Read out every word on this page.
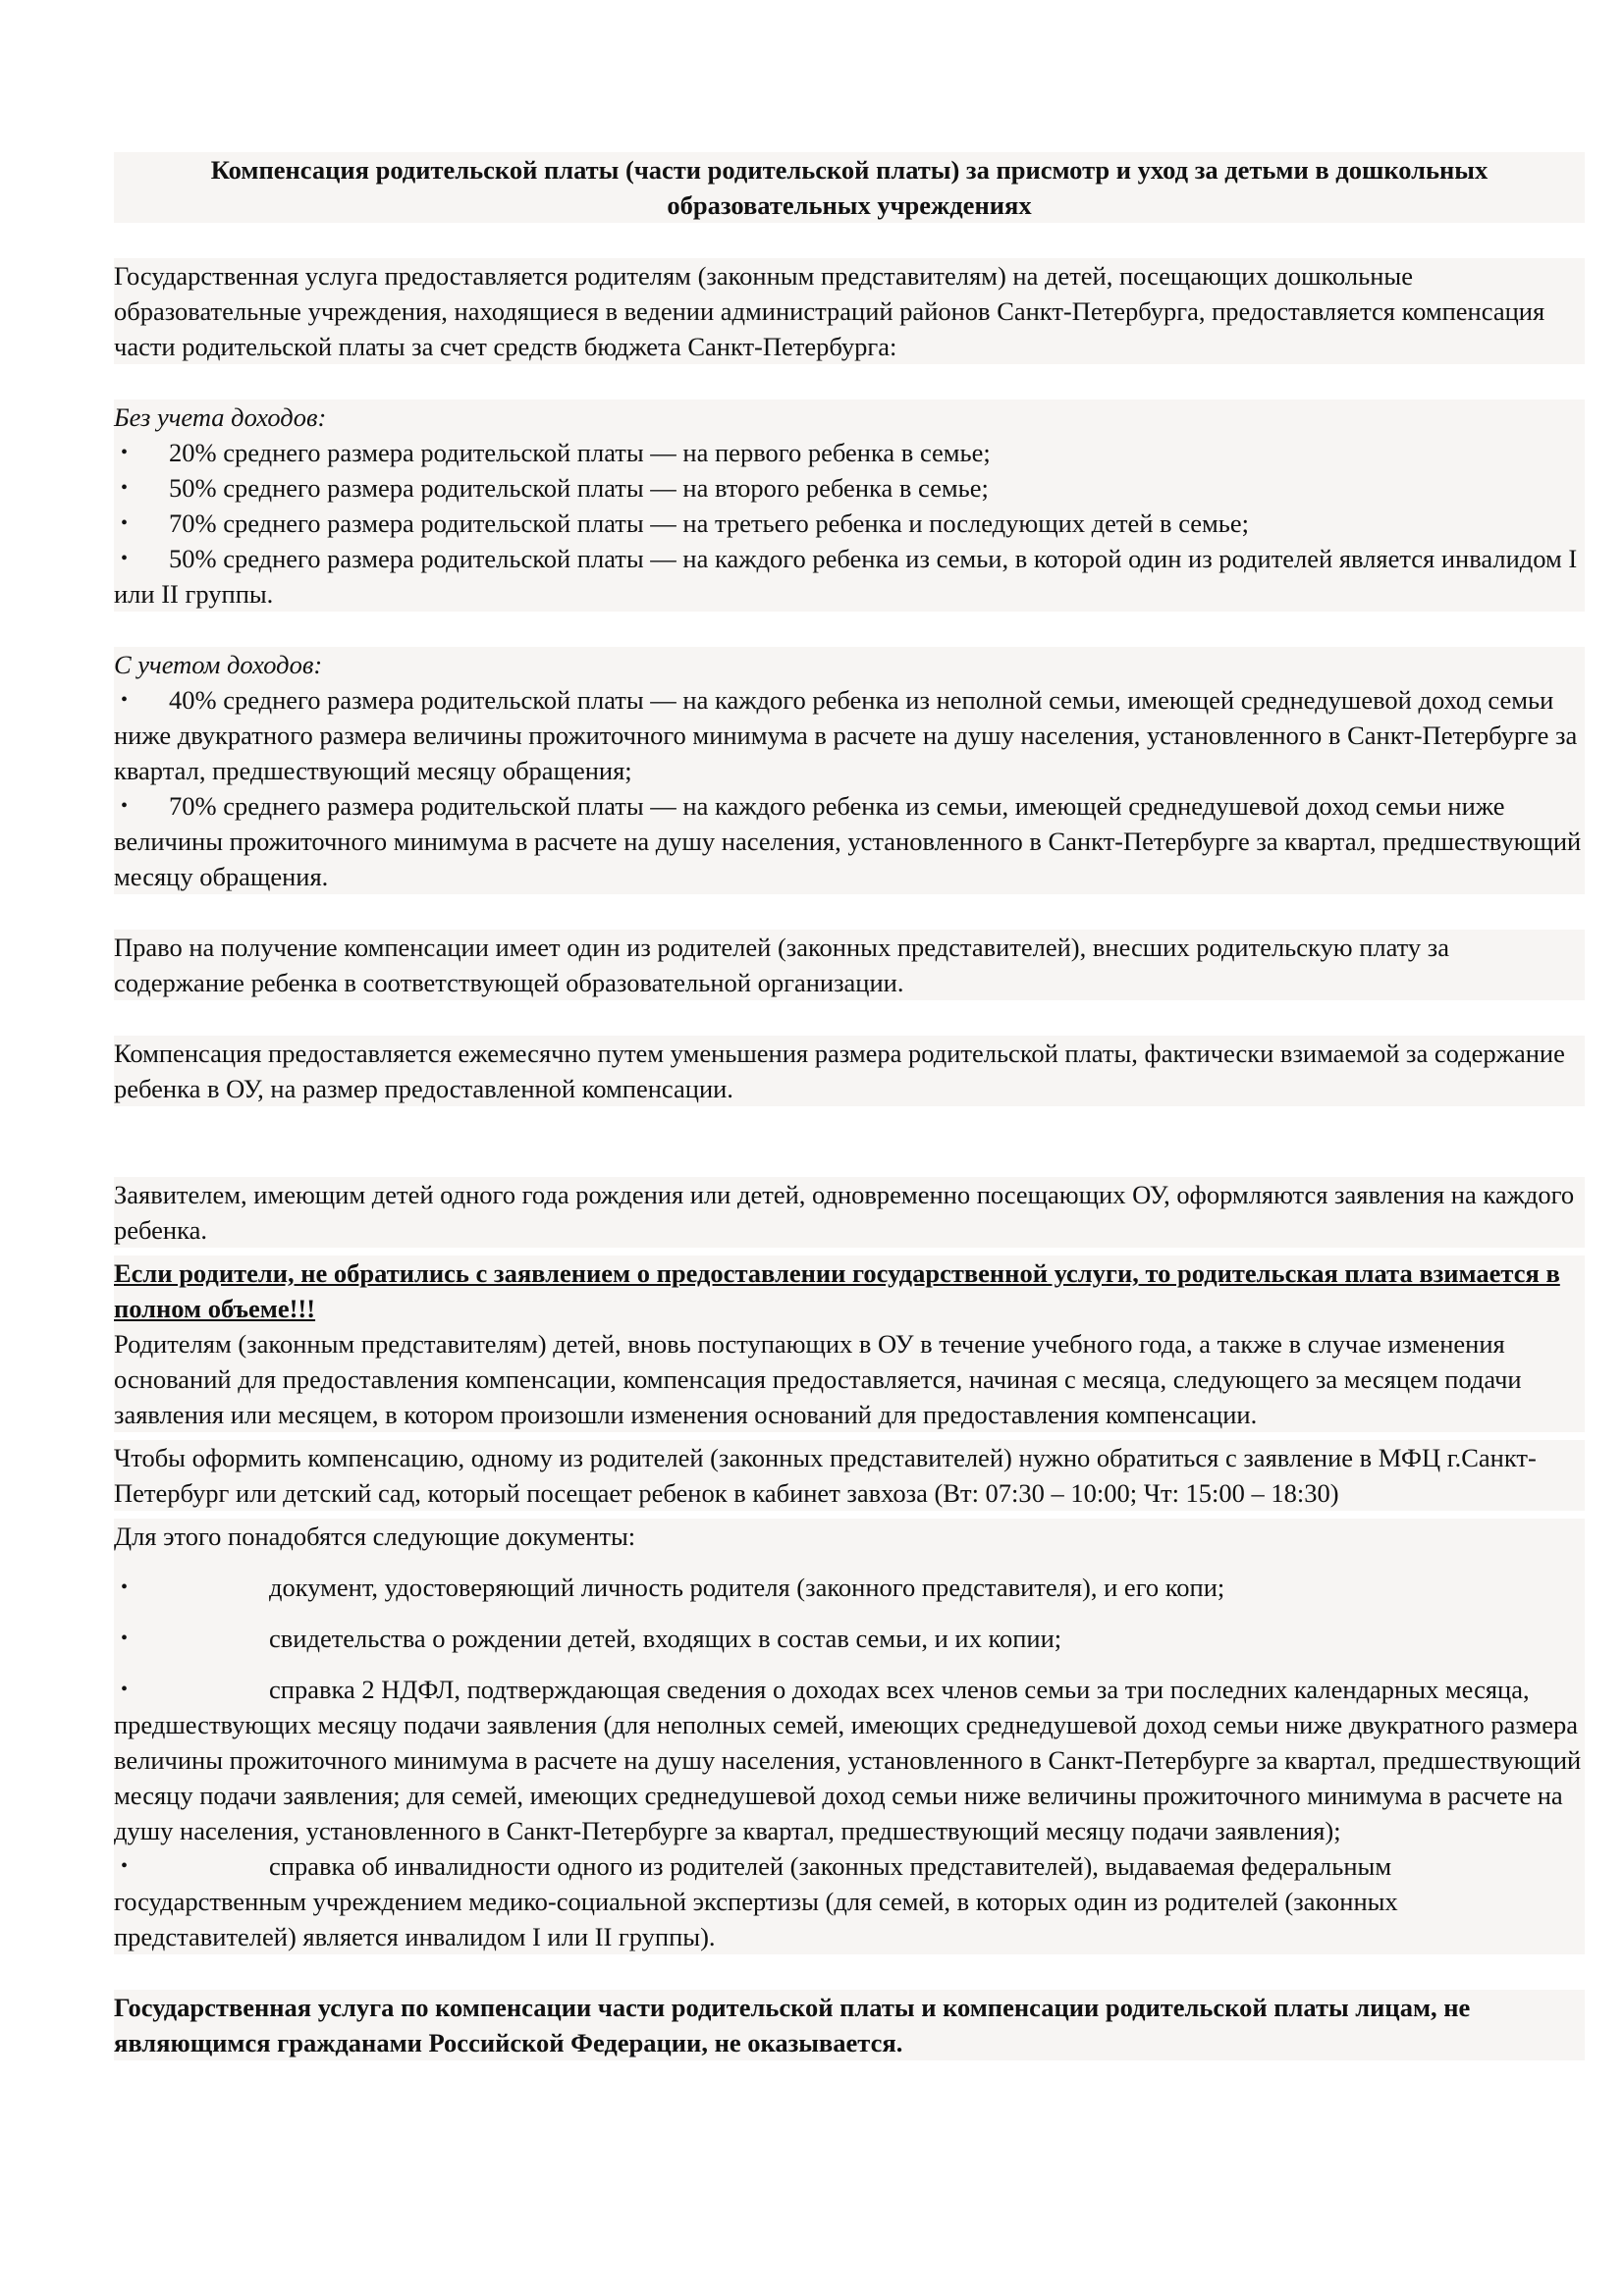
Компенсация родительской платы (части родительской платы) за присмотр и уход за детьми в дошкольных образовательных учреждениях

Государственная услуга предоставляется родителям (законным представителям) на детей, посещающих дошкольные образовательные учреждения, находящиеся в ведении администраций районов Санкт-Петербурга, предоставляется компенсация части родительской платы за счет средств бюджета Санкт-Петербурга:

Без учета доходов:

• 20% среднего размера родительской платы — на первого ребенка в семье;
• 50% среднего размера родительской платы — на второго ребенка в семье;
• 70% среднего размера родительской платы — на третьего ребенка и последующих детей в семье;
• 50% среднего размера родительской платы — на каждого ребенка из семьи, в которой один из родителей является инвалидом I или II группы.

С учетом доходов:

• 40% среднего размера родительской платы — на каждого ребенка из неполной семьи, имеющей среднедушевой доход семьи ниже двукратного размера величины прожиточного минимума в расчете на душу населения, установленного в Санкт-Петербурге за квартал, предшествующий месяцу обращения;
• 70% среднего размера родительской платы — на каждого ребенка из семьи, имеющей среднедушевой доход семьи ниже величины прожиточного минимума в расчете на душу населения, установленного в Санкт-Петербурге за квартал, предшествующий месяцу обращения.

Право на получение компенсации имеет один из родителей (законных представителей), внесших родительскую плату за содержание ребенка в соответствующей образовательной организации.

Компенсация предоставляется ежемесячно путем уменьшения размера родительской платы, фактически взимаемой за содержание ребенка в ОУ, на размер предоставленной компенсации.

Заявителем, имеющим детей одного года рождения или детей, одновременно посещающих ОУ, оформляются заявления на каждого ребенка.

Если родители, не обратились с заявлением о предоставлении государственной услуги, то родительская плата взимается в полном объеме!!!

Родителям (законным представителям) детей, вновь поступающих в ОУ в течение учебного года, а также в случае изменения оснований для предоставления компенсации, компенсация предоставляется, начиная с месяца, следующего за месяцем подачи заявления или месяцем, в котором произошли изменения оснований для предоставления компенсации.

Чтобы оформить компенсацию, одному из родителей (законных представителей) нужно обратиться с заявление в МФЦ г.Санкт-Петербург или детский сад, который посещает ребенок в кабинет завхоза (Вт: 07:30 – 10:00; Чт: 15:00 – 18:30)

Для этого понадобятся следующие документы:

•	документ, удостоверяющий личность родителя (законного представителя), и его копи;
•	свидетельства о рождении детей, входящих в состав семьи, и их копии;
•	справка 2 НДФЛ, подтверждающая сведения о доходах всех членов семьи за три последних календарных месяца, предшествующих месяцу подачи заявления (для неполных семей, имеющих среднедушевой доход семьи ниже двукратного размера величины прожиточного минимума в расчете на душу населения, установленного в Санкт-Петербурге за квартал, предшествующий месяцу подачи заявления; для семей, имеющих среднедушевой доход семьи ниже величины прожиточного минимума в расчете на душу населения, установленного в Санкт-Петербурге за квартал, предшествующий месяцу подачи заявления);
•	справка об инвалидности одного из родителей (законных представителей), выдаваемая федеральным государственным учреждением медико-социальной экспертизы (для семей, в которых один из родителей (законных представителей) является инвалидом I или II группы).

Государственная услуга по компенсации части родительской платы и компенсации родительской платы лицам, не являющимся гражданами Российской Федерации, не оказывается.
